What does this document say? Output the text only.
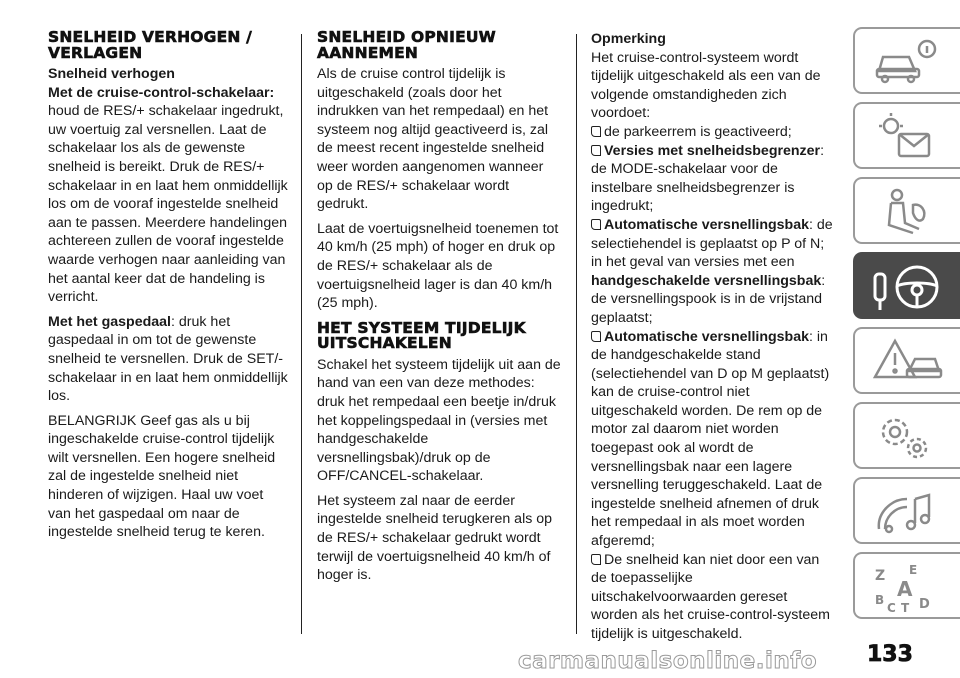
SNELHEID VERHOGEN / VERLAGEN
Snelheid verhogen

Met de cruise-control-schakelaar:
houd de RES/+ schakelaar ingedrukt, uw voertuig zal versnellen. Laat de schakelaar los als de gewenste snelheid is bereikt. Druk de RES/+ schakelaar in en laat hem onmiddellijk los om de vooraf ingestelde snelheid aan te passen. Meerdere handelingen achtereen zullen de vooraf ingestelde waarde verhogen naar aanleiding van het aantal keer dat de handeling is verricht.

Met het gaspedaal: druk het gaspedaal in om tot de gewenste snelheid te versnellen. Druk de SET/- schakelaar in en laat hem onmiddellijk los.

BELANGRIJK Geef gas als u bij ingeschakelde cruise-control tijdelijk wilt versnellen. Een hogere snelheid zal de ingestelde snelheid niet hinderen of wijzigen. Haal uw voet van het gaspedaal om naar de ingestelde snelheid terug te keren.

SNELHEID OPNIEUW AANNEMEN

Als de cruise control tijdelijk is uitgeschakeld (zoals door het indrukken van het rempedaal) en het systeem nog altijd geactiveerd is, zal de meest recent ingestelde snelheid weer worden aangenomen wanneer op de RES/+ schakelaar wordt gedrukt.

Laat de voertuigsnelheid toenemen tot 40 km/h (25 mph) of hoger en druk op de RES/+ schakelaar als de voertuigsnelheid lager is dan 40 km/h (25 mph).

HET SYSTEEM TIJDELIJK UITSCHAKELEN

Schakel het systeem tijdelijk uit aan de hand van een van deze methodes: druk het rempedaal een beetje in/druk het koppelingspedaal in (versies met handgeschakelde versnellingsbak)/druk op de OFF/CANCEL-schakelaar.

Het systeem zal naar de eerder ingestelde snelheid terugkeren als op de RES/+ schakelaar gedrukt wordt terwijl de voertuigsnelheid 40 km/h of hoger is.

Opmerking

Het cruise-control-systeem wordt tijdelijk uitgeschakeld als een van de volgende omstandigheden zich voordoet:

de parkeerrem is geactiveerd;
Versies met snelheidsbegrenzer: de MODE-schakelaar voor de instelbare snelheidsbegrenzer is ingedrukt;
Automatische versnellingsbak: de selectiehendel is geplaatst op P of N; in het geval van versies met een
handgeschakelde versnellingsbak: de versnellingspook is in de vrijstand geplaatst;
Automatische versnellingsbak: in de handgeschakelde stand (selectiehendel van D op M geplaatst) kan de cruise-control niet uitgeschakeld worden. De rem op de motor zal daarom niet worden toegepast ook al wordt de versnellingsbak naar een lagere versnelling teruggeschakeld. Laat de ingestelde snelheid afnemen of druk het rempedaal in als moet worden afgeremd;
De snelheid kan niet door een van de toepasselijke uitschakelvoorwaarden gereset worden als het cruise-control-systeem tijdelijk is uitgeschakeld.
Z E
A
B
C T D
carmanualsonline.info 133
